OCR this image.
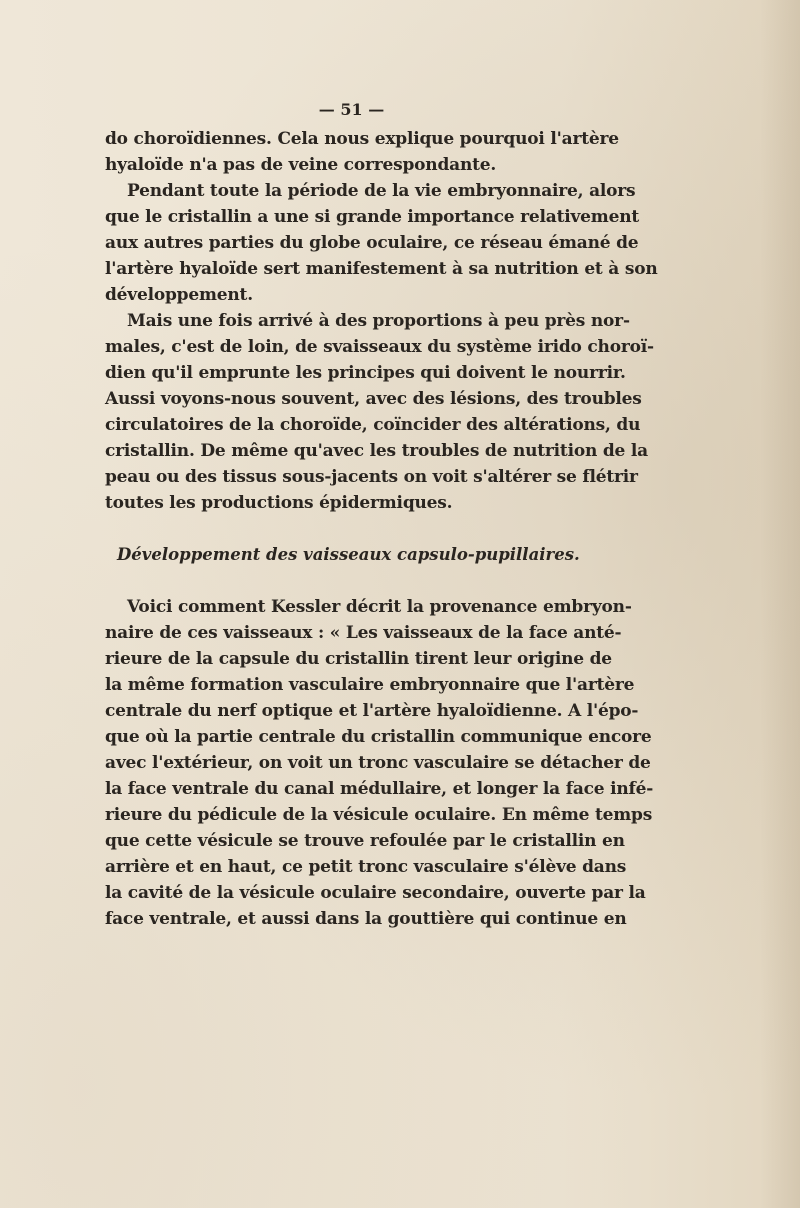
— 51 —
do choroïdiennes. Cela nous explique pourquoi l'artère
hyaloïde n'a pas de veine correspondante.
Pendant toute la période de la vie embryonnaire, alors
que le cristallin a une si grande importance relativement
aux autres parties du globe oculaire, ce réseau émané de
l'artère hyaloïde sert manifestement à sa nutrition et à son
développement.
Mais une fois arrivé à des proportions à peu près nor-
males, c'est de loin, de svaisseaux du système irido choroï-
dien qu'il emprunte les principes qui doivent le nourrir.
Aussi voyons-nous souvent, avec des lésions, des troubles
circulatoires de la choroïde, coïncider des altérations, du
cristallin. De même qu'avec les troubles de nutrition de la
peau ou des tissus sous-jacents on voit s'altérer se flétrir
toutes les productions épidermiques.
Développement des vaisseaux capsulo-pupillaires.
Voici comment Kessler décrit la provenance embryon-
naire de ces vaisseaux : « Les vaisseaux de la face anté-
rieure de la capsule du cristallin tirent leur origine de
la même formation vasculaire embryonnaire que l'artère
centrale du nerf optique et l'artère hyaloïdienne. A l'épo-
que où la partie centrale du cristallin communique encore
avec l'extérieur, on voit un tronc vasculaire se détacher de
la face ventrale du canal médullaire, et longer la face infé-
rieure du pédicule de la vésicule oculaire. En même temps
que cette vésicule se trouve refoulée par le cristallin en
arrière et en haut, ce petit tronc vasculaire s'élève dans
la cavité de la vésicule oculaire secondaire, ouverte par la
face ventrale, et aussi dans la gouttière qui continue en
